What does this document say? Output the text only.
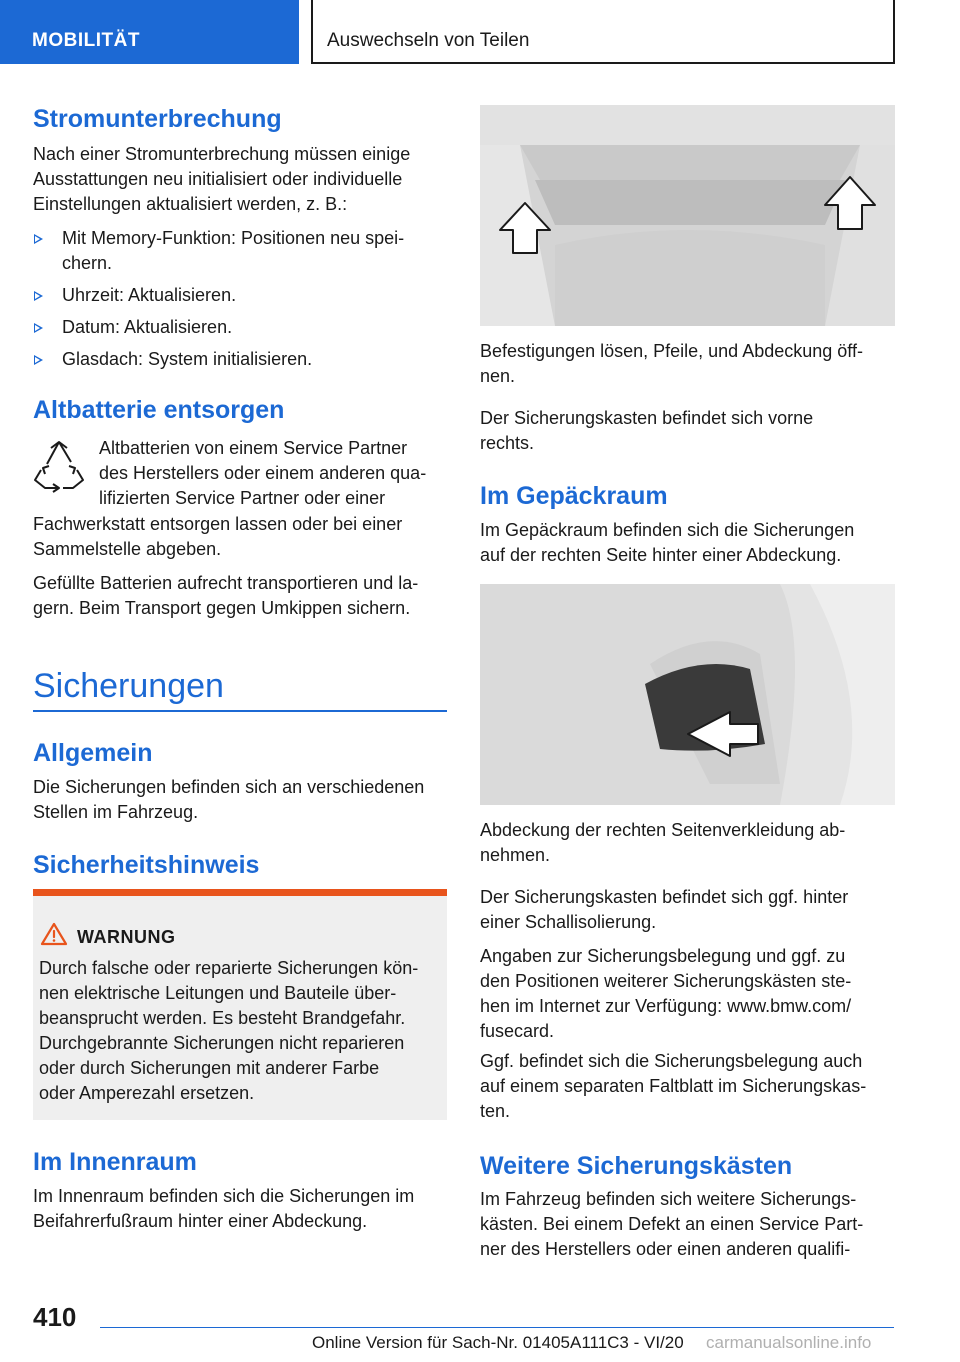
MOBILITÄT	Auswechseln von Teilen
Stromunterbrechung
Nach einer Stromunterbrechung müssen einige
Ausstattungen neu initialisiert oder individuelle
Einstellungen aktualisiert werden, z. B.:
Mit Memory-Funktion: Positionen neu spei-
chern.
Uhrzeit: Aktualisieren.
Datum: Aktualisieren.
Glasdach: System initialisieren.
Altbatterie entsorgen
Altbatterien von einem Service Partner
des Herstellers oder einem anderen qua-
lifizierten Service Partner oder einer
Fachwerkstatt entsorgen lassen oder bei einer
Sammelstelle abgeben.
Gefüllte Batterien aufrecht transportieren und la-
gern. Beim Transport gegen Umkippen sichern.
Sicherungen
Allgemein
Die Sicherungen befinden sich an verschiedenen
Stellen im Fahrzeug.
Sicherheitshinweis
WARNUNG
Durch falsche oder reparierte Sicherungen kön-
nen elektrische Leitungen und Bauteile über-
beansprucht werden. Es besteht Brandgefahr.
Durchgebrannte Sicherungen nicht reparieren
oder durch Sicherungen mit anderer Farbe
oder Amperezahl ersetzen.
Im Innenraum
Im Innenraum befinden sich die Sicherungen im
Beifahrerfußraum hinter einer Abdeckung.
Befestigungen lösen, Pfeile, und Abdeckung öff-
nen.
Der Sicherungskasten befindet sich vorne
rechts.
Im Gepäckraum
Im Gepäckraum befinden sich die Sicherungen
auf der rechten Seite hinter einer Abdeckung.
Abdeckung der rechten Seitenverkleidung ab-
nehmen.
Der Sicherungskasten befindet sich ggf. hinter
einer Schallisolierung.
Angaben zur Sicherungsbelegung und ggf. zu
den Positionen weiterer Sicherungskästen ste-
hen im Internet zur Verfügung: www.bmw.com/
fusecard.
Ggf. befindet sich die Sicherungsbelegung auch
auf einem separaten Faltblatt im Sicherungskas-
ten.
Weitere Sicherungskästen
Im Fahrzeug befinden sich weitere Sicherungs-
kästen. Bei einem Defekt an einen Service Part-
ner des Herstellers oder einen anderen qualifi-
410
Online Version für Sach-Nr. 01405A111C3 - VI/20 carmanualsonline.info
